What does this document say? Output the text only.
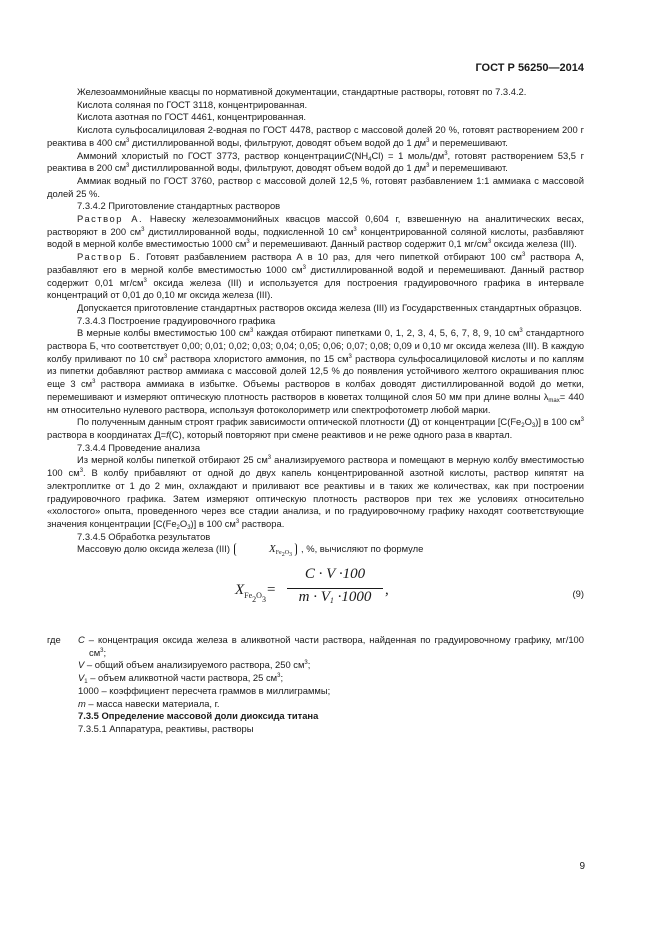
ГОСТ Р 56250—2014

Железоаммонийные квасцы по нормативной документации, стандартные растворы, готовят по 7.3.4.2.

Кислота соляная по ГОСТ 3118, концентрированная.

Кислота азотная по ГОСТ 4461, концентрированная.

Кислота сульфосалициловая 2-водная по ГОСТ 4478, раствор с массовой долей 20 %, готовят растворением 200 г реактива в 400 $см^3$ дистиллированной воды, фильтруют, доводят объем водой до 1 $дм^3$ и перемешивают.

Аммоний хлористый по ГОСТ 3773, раствор $концентрацииC(NH_4Cl) = 1$ моль/$дм^3$, готовят растворением 53,5 г реактива в 200 $см^3$ дистиллированной воды, фильтруют, доводят объем водой до 1 $дм^3$ и перемешивают.

Аммиак водный по ГОСТ 3760, раствор с массовой долей 12,5 %, готовят разбавлением 1:1 аммиака с массовой долей 25 %.

7.3.4.2 Приготовление стандартных растворов

Раствор А. Навеску железоаммонийных квасцов массой 0,604 г, взвешенную на аналитических весах, растворяют в 200 $см^3$ дистиллированной воды, подкисленной 10 $см^3$ концентрированной соляной кислоты, разбавляют водой в мерной колбе вместимостью 1000 $см^3$ и перемешивают. Данный раствор содержит 0,1 $мг/см^3$ оксида железа (III).

Раствор Б. Готовят разбавлением раствора А в 10 раз, для чего пипеткой отбирают 100 $см^3$ раствора А, разбавляют его в мерной колбе вместимостью 1000 $см^3$ дистиллированной водой и перемешивают. Данный раствор содержит 0,01 $мг/см^3$ оксида железа (III) и используется для построения градуировочного графика в интервале концентраций от 0,01 до 0,10 мг оксида железа (III).

Допускается приготовление стандартных растворов оксида железа (III) из Государственных стандартных образцов.

7.3.4.3 Построение градуировочного графика

В мерные колбы вместимостью 100 $см^3$ каждая отбирают пипетками 0, 1, 2, 3, 4, 5, 6, 7, 8, 9, 10 $см^3$ стандартного раствора Б, что соответствует 0,00; 0,01; 0,02; 0,03; 0,04; 0,05; 0,06; 0,07; 0,08; 0,09 и 0,10 мг оксида железа (III). В каждую колбу приливают по 10 $см^3$ раствора хлористого аммония, по 15 $см^3$ раствора сульфосалициловой кислоты и по каплям из пипетки добавляют раствор аммиака с массовой долей 12,5 % до появления устойчивого желтого окрашивания плюс еще 3 $см^3$ раствора аммиака в избытке. Объемы растворов в колбах доводят дистиллированной водой до метки, перемешивают и измеряют оптическую плотность растворов в кюветах толщиной слоя 50 мм при длине волны $\lambda_{max}= 440$ нм относительно нулевого раствора, используя фотоколориметр или спектрофотометр любой марки.

По полученным данным строят график зависимости оптической плотности (Д) от концентрации $[C(Fe_2O_3)]$ в 100 $см^3$ раствора в координатах Д=f(C), который повторяют при смене реактивов и не реже одного раза в квартал.

7.3.4.4 Проведение анализа

Из мерной колбы пипеткой отбирают 25 $см^3$ анализируемого раствора и помещают в мерную колбу вместимостью 100 $см^3$. В колбу прибавляют от одной до двух капель концентрированной азотной кислоты, раствор кипятят на электроплитке от 1 до 2 мин, охлаждают и приливают все реактивы и в таких же количествах, как при построении градуировочного графика. Затем измеряют оптическую плотность растворов при тех же условиях относительно «холостого» опыта, проведенного через все стадии анализа, и по градуировочному графику находят соответствующие значения концентрации $[C(Fe_2O_3)]$ в 100 $см^3$ раствора.

7.3.4.5 Обработка результатов

Массовую долю оксида железа (III)	$X_{Fe_2O_3}$, %, вычисляют по формуле

$X_{Fe_2O_3}$
=
C · V ·100
$m \cdot V_1 \cdot 1000$ ,	(9)
где	C – концентрация оксида железа в аликвотной части раствора, найденная по градуировочному графику, мг/100 $см^3$;

V – общий объем анализируемого раствора, 250 $см^3$;

$V_1$ – объем аликвотной части раствора, 25 $см^3$;

1000 – коэффициент пересчета граммов в миллиграммы;

m – масса навески материала, г.

7.3.5 Определение массовой доли диоксида титана

7.3.5.1 Аппаратура, реактивы, растворы

9
